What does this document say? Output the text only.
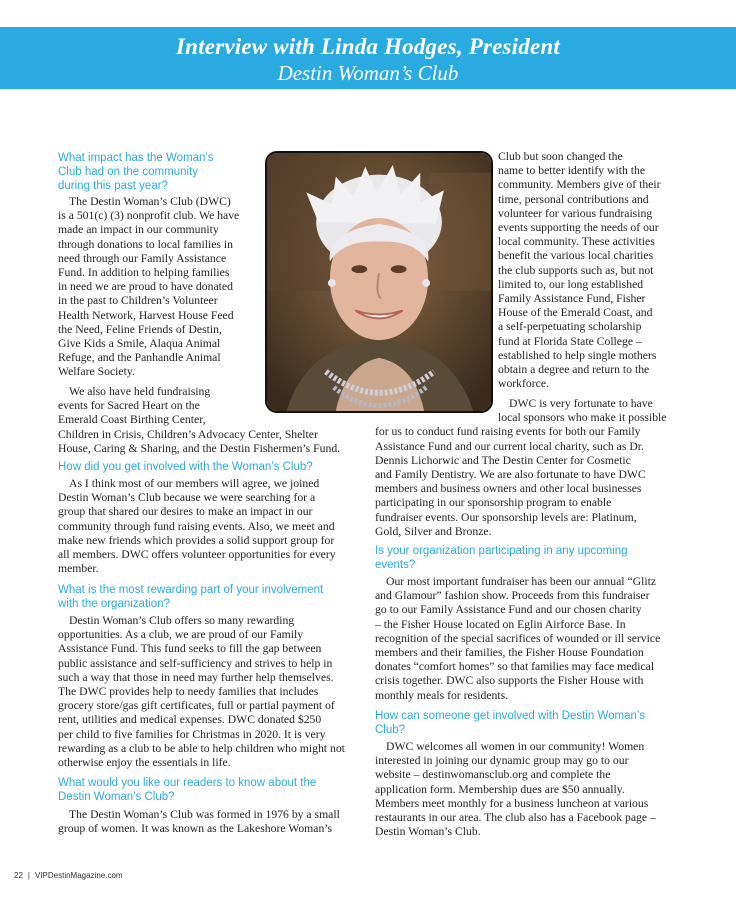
Interview with Linda Hodges, President
Destin Woman’s Club
What impact has the Woman’s
Club had on the community
during this past year?
The Destin Woman’s Club (DWC)
is a 501(c) (3) nonprofit club. We have
made an impact in our community
through donations to local families in
need through our Family Assistance
Fund. In addition to helping families
in need we are proud to have donated
in the past to Children’s Volunteer
Health Network, Harvest House Feed
the Need, Feline Friends of Destin,
Give Kids a Smile, Alaqua Animal
Refuge, and the Panhandle Animal
Welfare Society.
We also have held fundraising
events for Sacred Heart on the
Emerald Coast Birthing Center,
Children in Crisis, Children’s Advocacy Center, Shelter
House, Caring & Sharing, and the Destin Fishermen’s Fund.
How did you get involved with the Woman’s Club?
As I think most of our members will agree, we joined
Destin Woman’s Club because we were searching for a
group that shared our desires to make an impact in our
community through fund raising events. Also, we meet and
make new friends which provides a solid support group for
all members. DWC offers volunteer opportunities for every
member.
What is the most rewarding part of your involvement
with the organization?
Destin Woman’s Club offers so many rewarding
opportunities. As a club, we are proud of our Family
Assistance Fund. This fund seeks to fill the gap between
public assistance and self-sufficiency and strives to help in
such a way that those in need may further help themselves.
The DWC provides help to needy families that includes
grocery store/gas gift certificates, full or partial payment of
rent, utilities and medical expenses. DWC donated $250
per child to five families for Christmas in 2020. It is very
rewarding as a club to be able to help children who might not
otherwise enjoy the essentials in life.
What would you like our readers to know about the
Destin Woman’s Club?
The Destin Woman’s Club was formed in 1976 by a small
group of women. It was known as the Lakeshore Woman’s
Club but soon changed the
name to better identify with the
community. Members give of their
time, personal contributions and
volunteer for various fundraising
events supporting the needs of our
local community. These activities
benefit the various local charities
the club supports such as, but not
limited to, our long established
Family Assistance Fund, Fisher
House of the Emerald Coast, and
a self-perpetuating scholarship
fund at Florida State College –
established to help single mothers
obtain a degree and return to the
workforce.
DWC is very fortunate to have
local sponsors who make it possible
for us to conduct fund raising events for both our Family
Assistance Fund and our current local charity, such as Dr.
Dennis Lichorwic and The Destin Center for Cosmetic
and Family Dentistry. We are also fortunate to have DWC
members and business owners and other local businesses
participating in our sponsorship program to enable
fundraiser events. Our sponsorship levels are: Platinum,
Gold, Silver and Bronze.
Is your organization participating in any upcoming
events?
Our most important fundraiser has been our annual “Glitz
and Glamour” fashion show. Proceeds from this fundraiser
go to our Family Assistance Fund and our chosen charity
– the Fisher House located on Eglin Airforce Base. In
recognition of the special sacrifices of wounded or ill service
members and their families, the Fisher House Foundation
donates “comfort homes” so that families may face medical
crisis together. DWC also supports the Fisher House with
monthly meals for residents.
How can someone get involved with Destin Woman’s
Club?
DWC welcomes all women in our community! Women
interested in joining our dynamic group may go to our
website – destinwomansclub.org and complete the
application form. Membership dues are $50 annually.
Members meet monthly for a business luncheon at various
restaurants in our area. The club also has a Facebook page –
Destin Woman’s Club.
22 | VIPDestinMagazine.com
